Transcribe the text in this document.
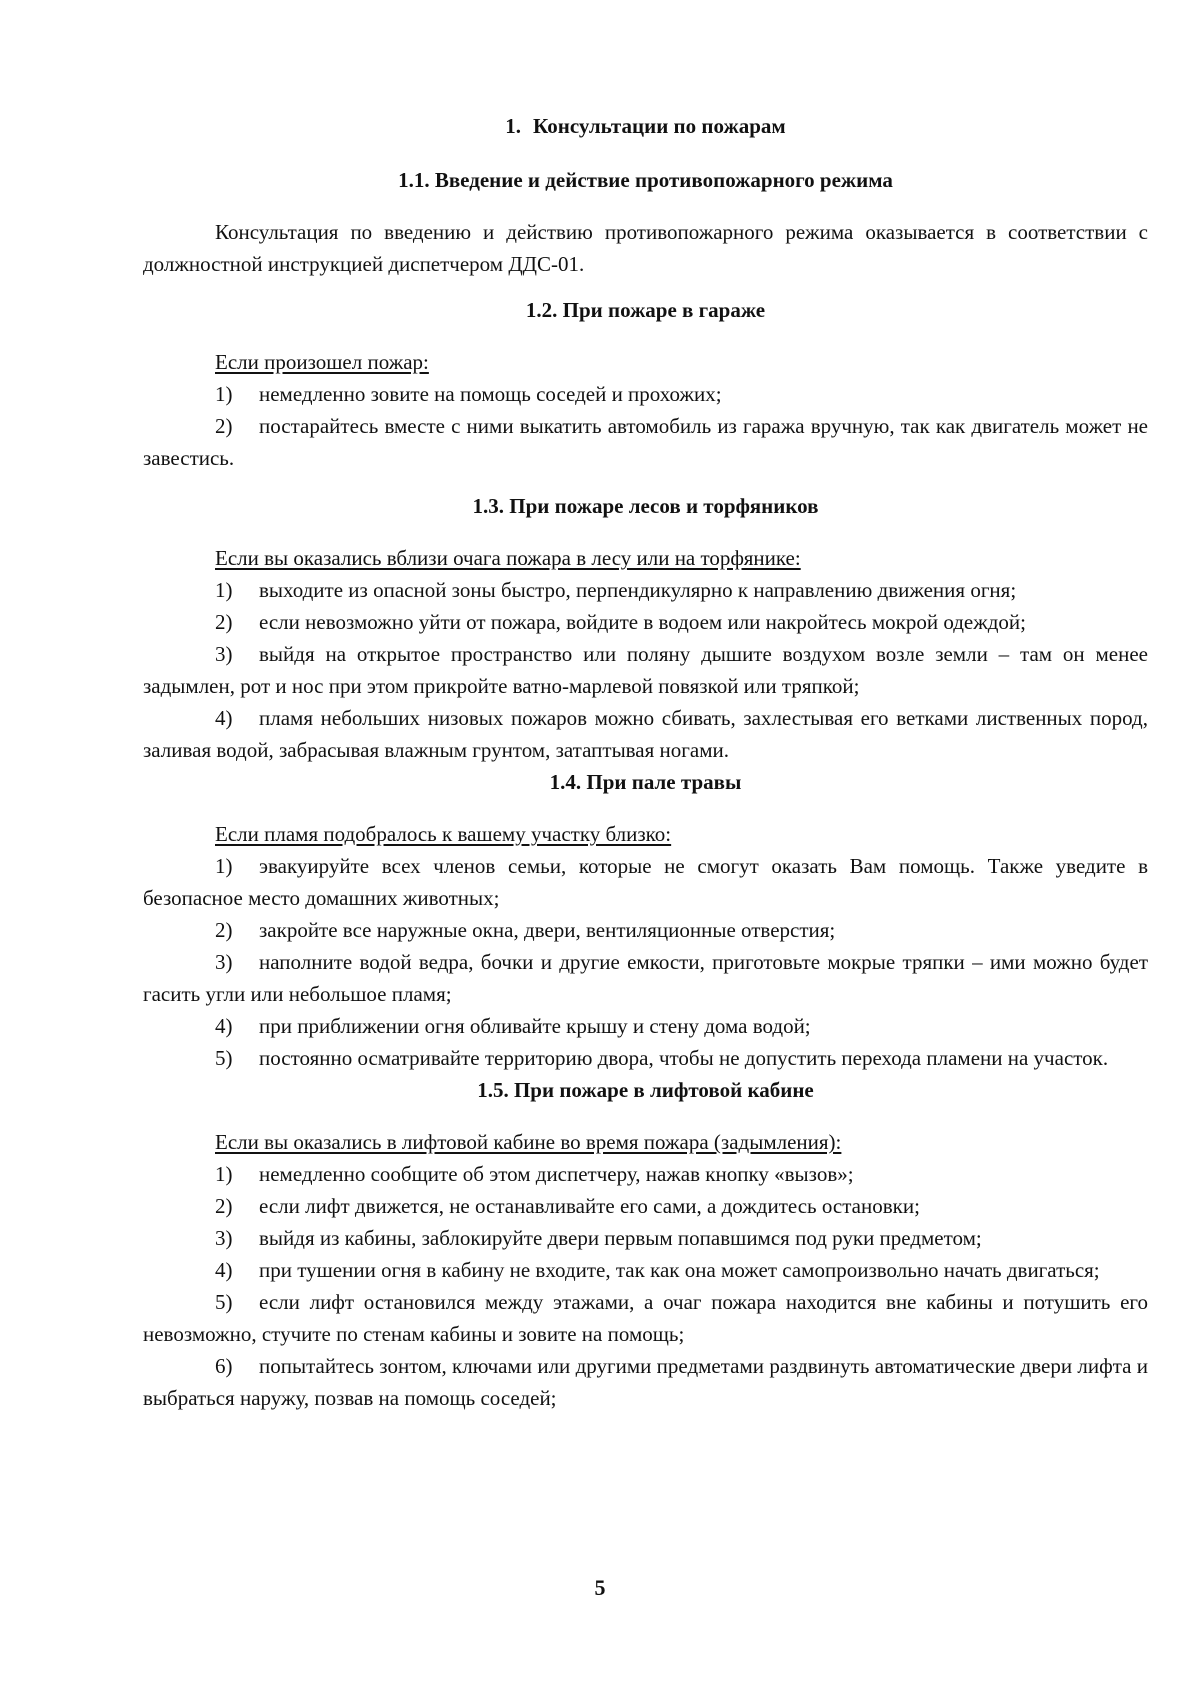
1. Консультации по пожарам
1.1. Введение и действие противопожарного режима

Консультация по введению и действию противопожарного режима оказывается в соответствии с должностной инструкцией диспетчером ДДС-01.

1.2. При пожаре в гараже

Если произошел пожар:

1) немедленно зовите на помощь соседей и прохожих;

2) постарайтесь вместе с ними выкатить автомобиль из гаража вручную, так как двигатель может не завестись.

1.3. При пожаре лесов и торфяников

Если вы оказались вблизи очага пожара в лесу или на торфянике:

1) выходите из опасной зоны быстро, перпендикулярно к направлению движения огня;

2) если невозможно уйти от пожара, войдите в водоем или накройтесь мокрой одеждой;

3) выйдя на открытое пространство или поляну дышите воздухом возле земли – там он менее задымлен, рот и нос при этом прикройте ватно-марлевой повязкой или тряпкой;

4) пламя небольших низовых пожаров можно сбивать, захлестывая его ветками лиственных пород, заливая водой, забрасывая влажным грунтом, затаптывая ногами.

1.4. При пале травы

Если пламя подобралось к вашему участку близко:

1) эвакуируйте всех членов семьи, которые не смогут оказать Вам помощь. Также уведите в безопасное место домашних животных;

2) закройте все наружные окна, двери, вентиляционные отверстия;

3) наполните водой ведра, бочки и другие емкости, приготовьте мокрые тряпки – ими можно будет гасить угли или небольшое пламя;

4) при приближении огня обливайте крышу и стену дома водой;

5) постоянно осматривайте территорию двора, чтобы не допустить перехода пламени на участок.

1.5. При пожаре в лифтовой кабине

Если вы оказались в лифтовой кабине во время пожара (задымления):

1) немедленно сообщите об этом диспетчеру, нажав кнопку «вызов»;

2) если лифт движется, не останавливайте его сами, а дождитесь остановки;

3) выйдя из кабины, заблокируйте двери первым попавшимся под руки предметом;

4) при тушении огня в кабину не входите, так как она может самопроизвольно начать двигаться;

5) если лифт остановился между этажами, а очаг пожара находится вне кабины и потушить его невозможно, стучите по стенам кабины и зовите на помощь;

6) попытайтесь зонтом, ключами или другими предметами раздвинуть автоматические двери лифта и выбраться наружу, позвав на помощь соседей;

5
